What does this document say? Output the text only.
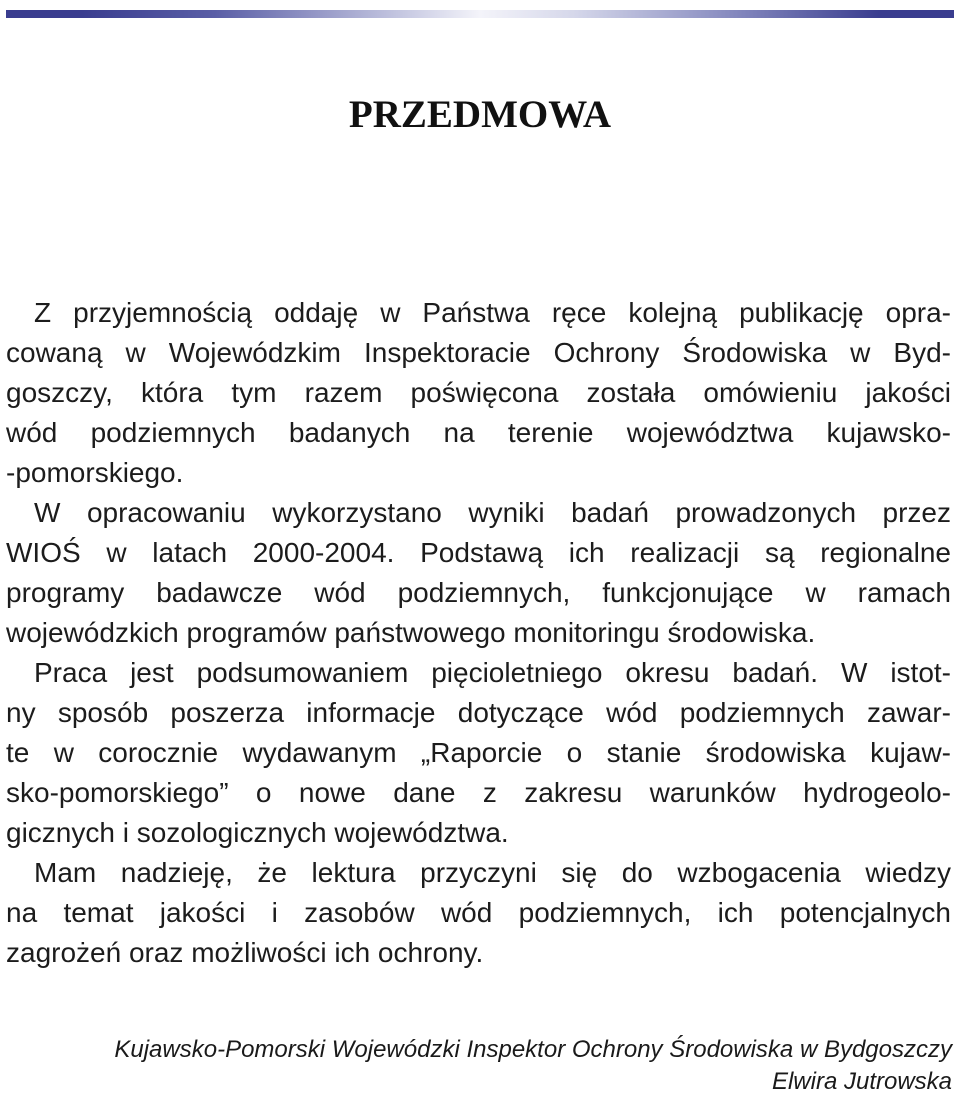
PRZEDMOWA
Z przyjemnością oddaję w Państwa ręce kolejną publikację opra-
cowaną w Wojewódzkim Inspektoracie Ochrony Środowiska w Byd-
goszczy, która tym razem poświęcona została omówieniu jakości
wód podziemnych badanych na terenie województwa kujawsko-
-pomorskiego.
W opracowaniu wykorzystano wyniki badań prowadzonych przez
WIOŚ w latach 2000-2004. Podstawą ich realizacji są regionalne
programy badawcze wód podziemnych, funkcjonujące w ramach
wojewódzkich programów państwowego monitoringu środowiska.
Praca jest podsumowaniem pięcioletniego okresu badań. W istot-
ny sposób poszerza informacje dotyczące wód podziemnych zawar-
te w corocznie wydawanym „Raporcie o stanie środowiska kujaw-
sko-pomorskiego” o nowe dane z zakresu warunków hydrogeolo-
gicznych i sozologicznych województwa.
Mam nadzieję, że lektura przyczyni się do wzbogacenia wiedzy
na temat jakości i zasobów wód podziemnych, ich potencjalnych
zagrożeń oraz możliwości ich ochrony.
Kujawsko-Pomorski Wojewódzki Inspektor Ochrony Środowiska w Bydgoszczy
Elwira Jutrowska
